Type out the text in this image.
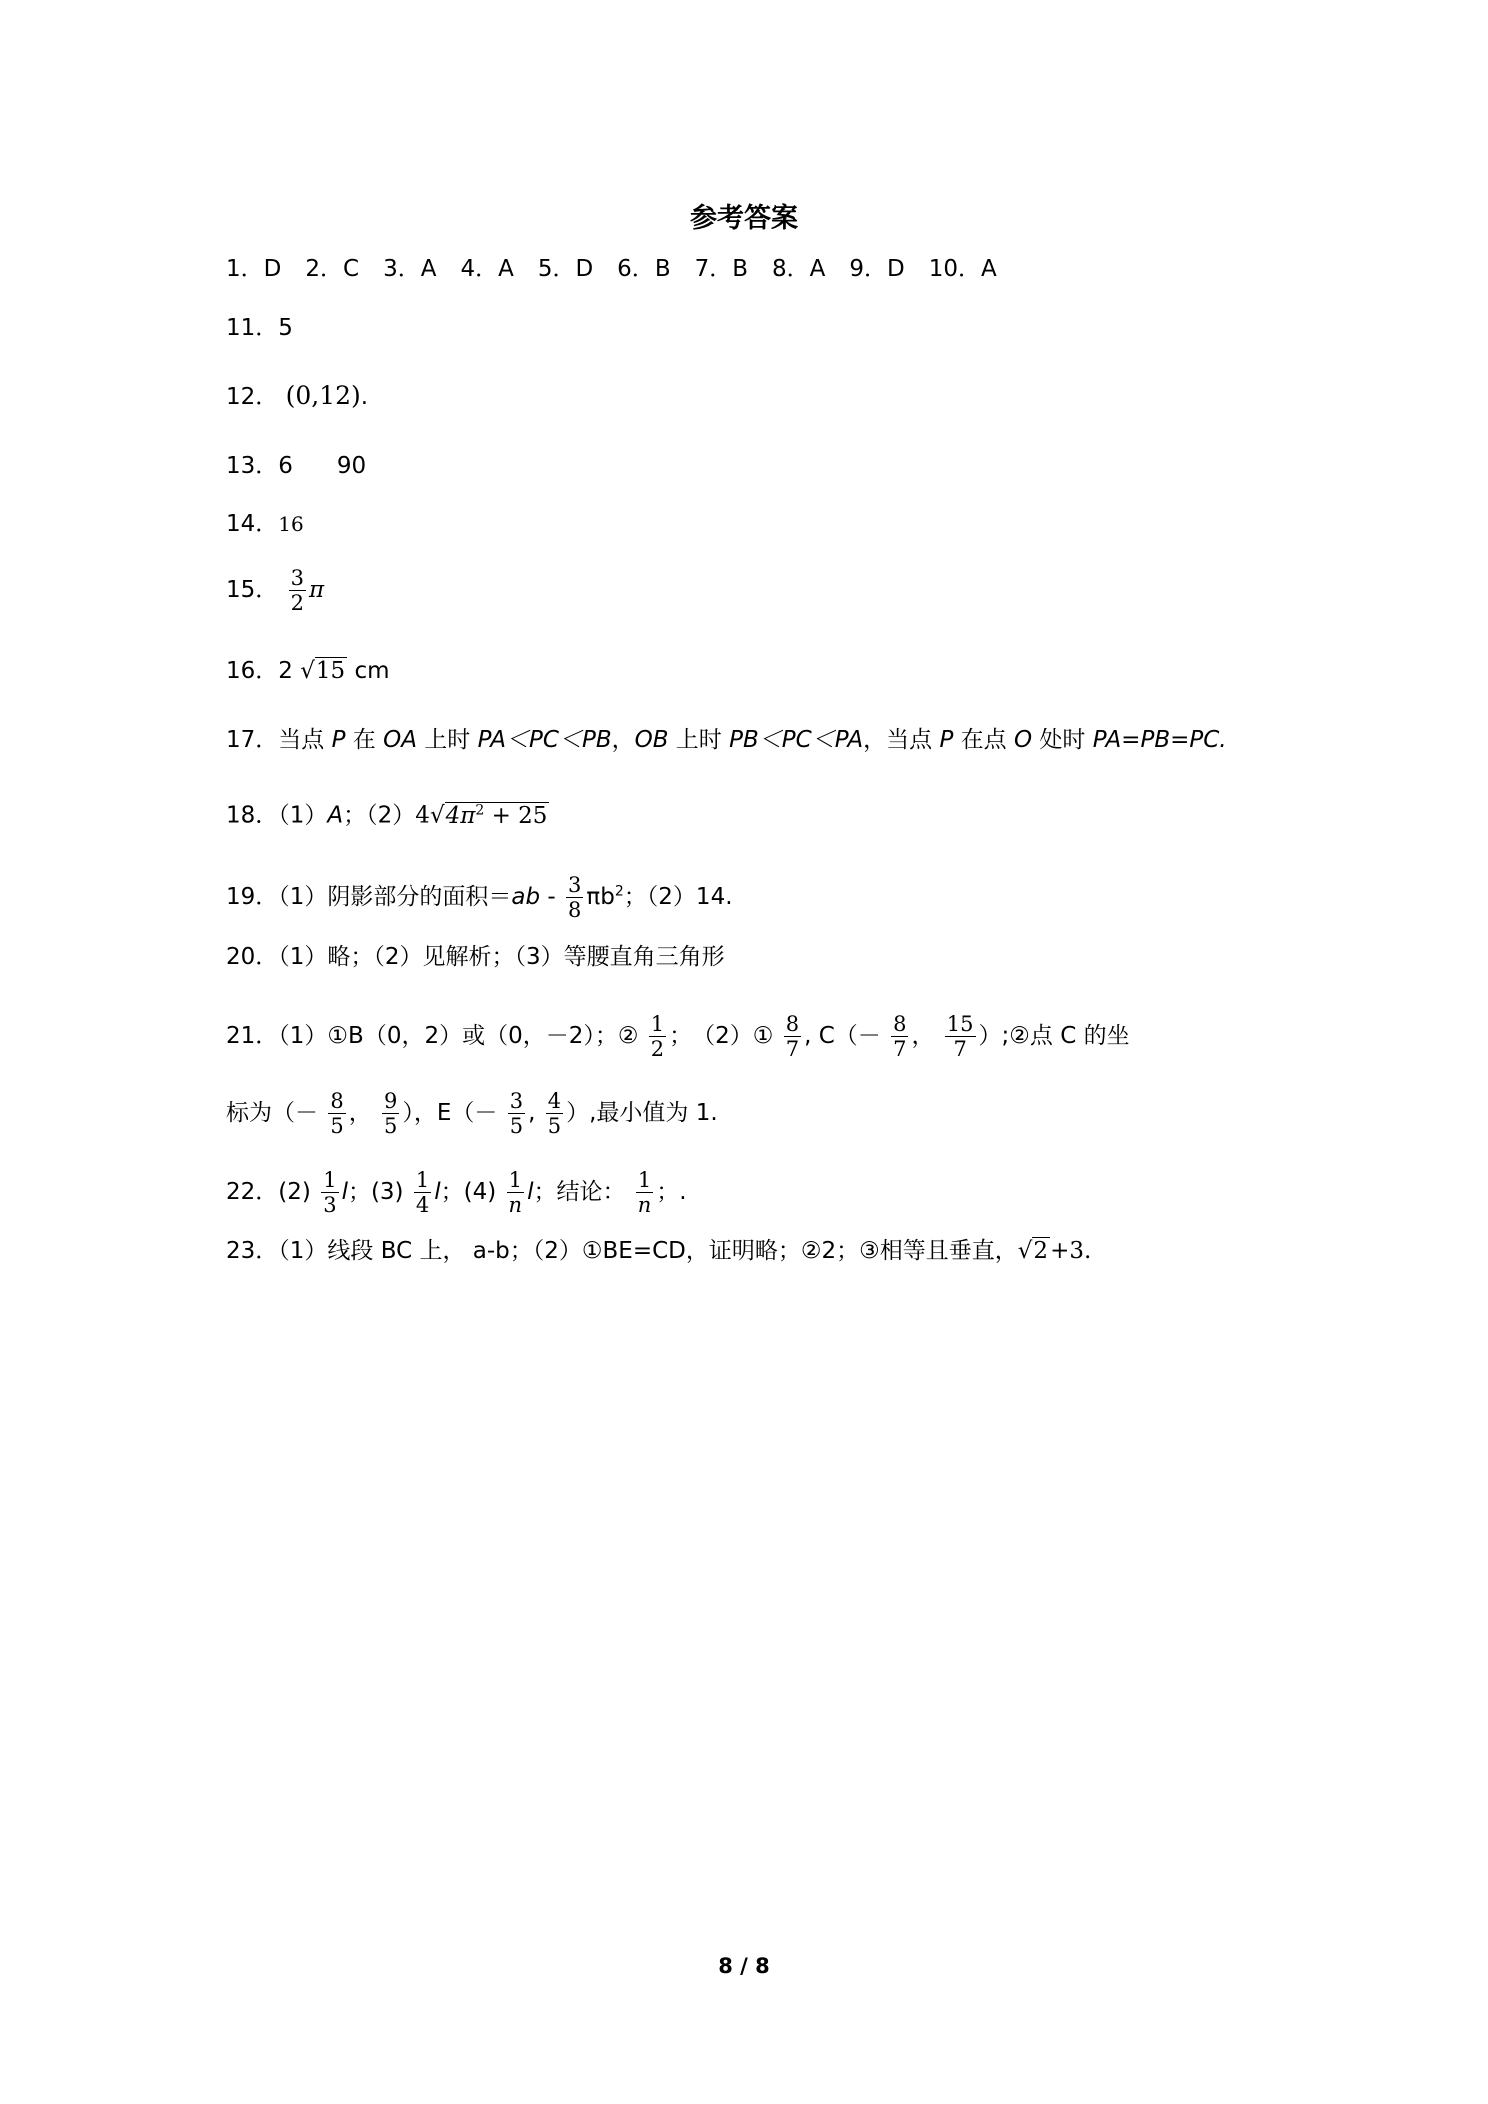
参考答案
1．D 2．C 3．A 4．A 5．D 6．B 7．B 8．A 9．D 10．A
11．5
12． (0,12).
13．6 90
14．16
15． $\frac{3}{2}$ π
16．2 √15 cm
17．当点 P 在 OA 上时 PA＜PC＜PB，OB 上时 PB＜PC＜PA，当点 P 在点 O 处时 PA=PB=PC.
18．（1）A；$(2)4√4\pi^2 + 25$
19．（1）阴影部分的面积$=ab - \frac{3}{8} \pi b^2$；（2）14.
20．（1）略；（2）见解析；（3）等腰直角三角形
21．（1）①B（0，2）或（0，－2）；② $\frac{1}{2}$ ；　（2）① $\frac{8}{7}$ , $C(- \frac{8}{7}$ ， $\frac{15}{7}$ ）;②点 C 的坐
标为（－ $\frac{8}{5}$ ， $\frac{9}{5}$ ），$E(- \frac{3}{5}$ , $\frac{4}{5}$ ）,最小值为 1.
22．$(2) \frac{1}{3}$ l；$(3) \frac{1}{4}$ l；$(4) \frac{1}{n}$ l；结论： $\frac{1}{n}$ ；.
23．（1）线段 BC 上， a-b；（2）①BE=CD，证明略；②2；③相等且垂直，√2+3.
8 / 8
